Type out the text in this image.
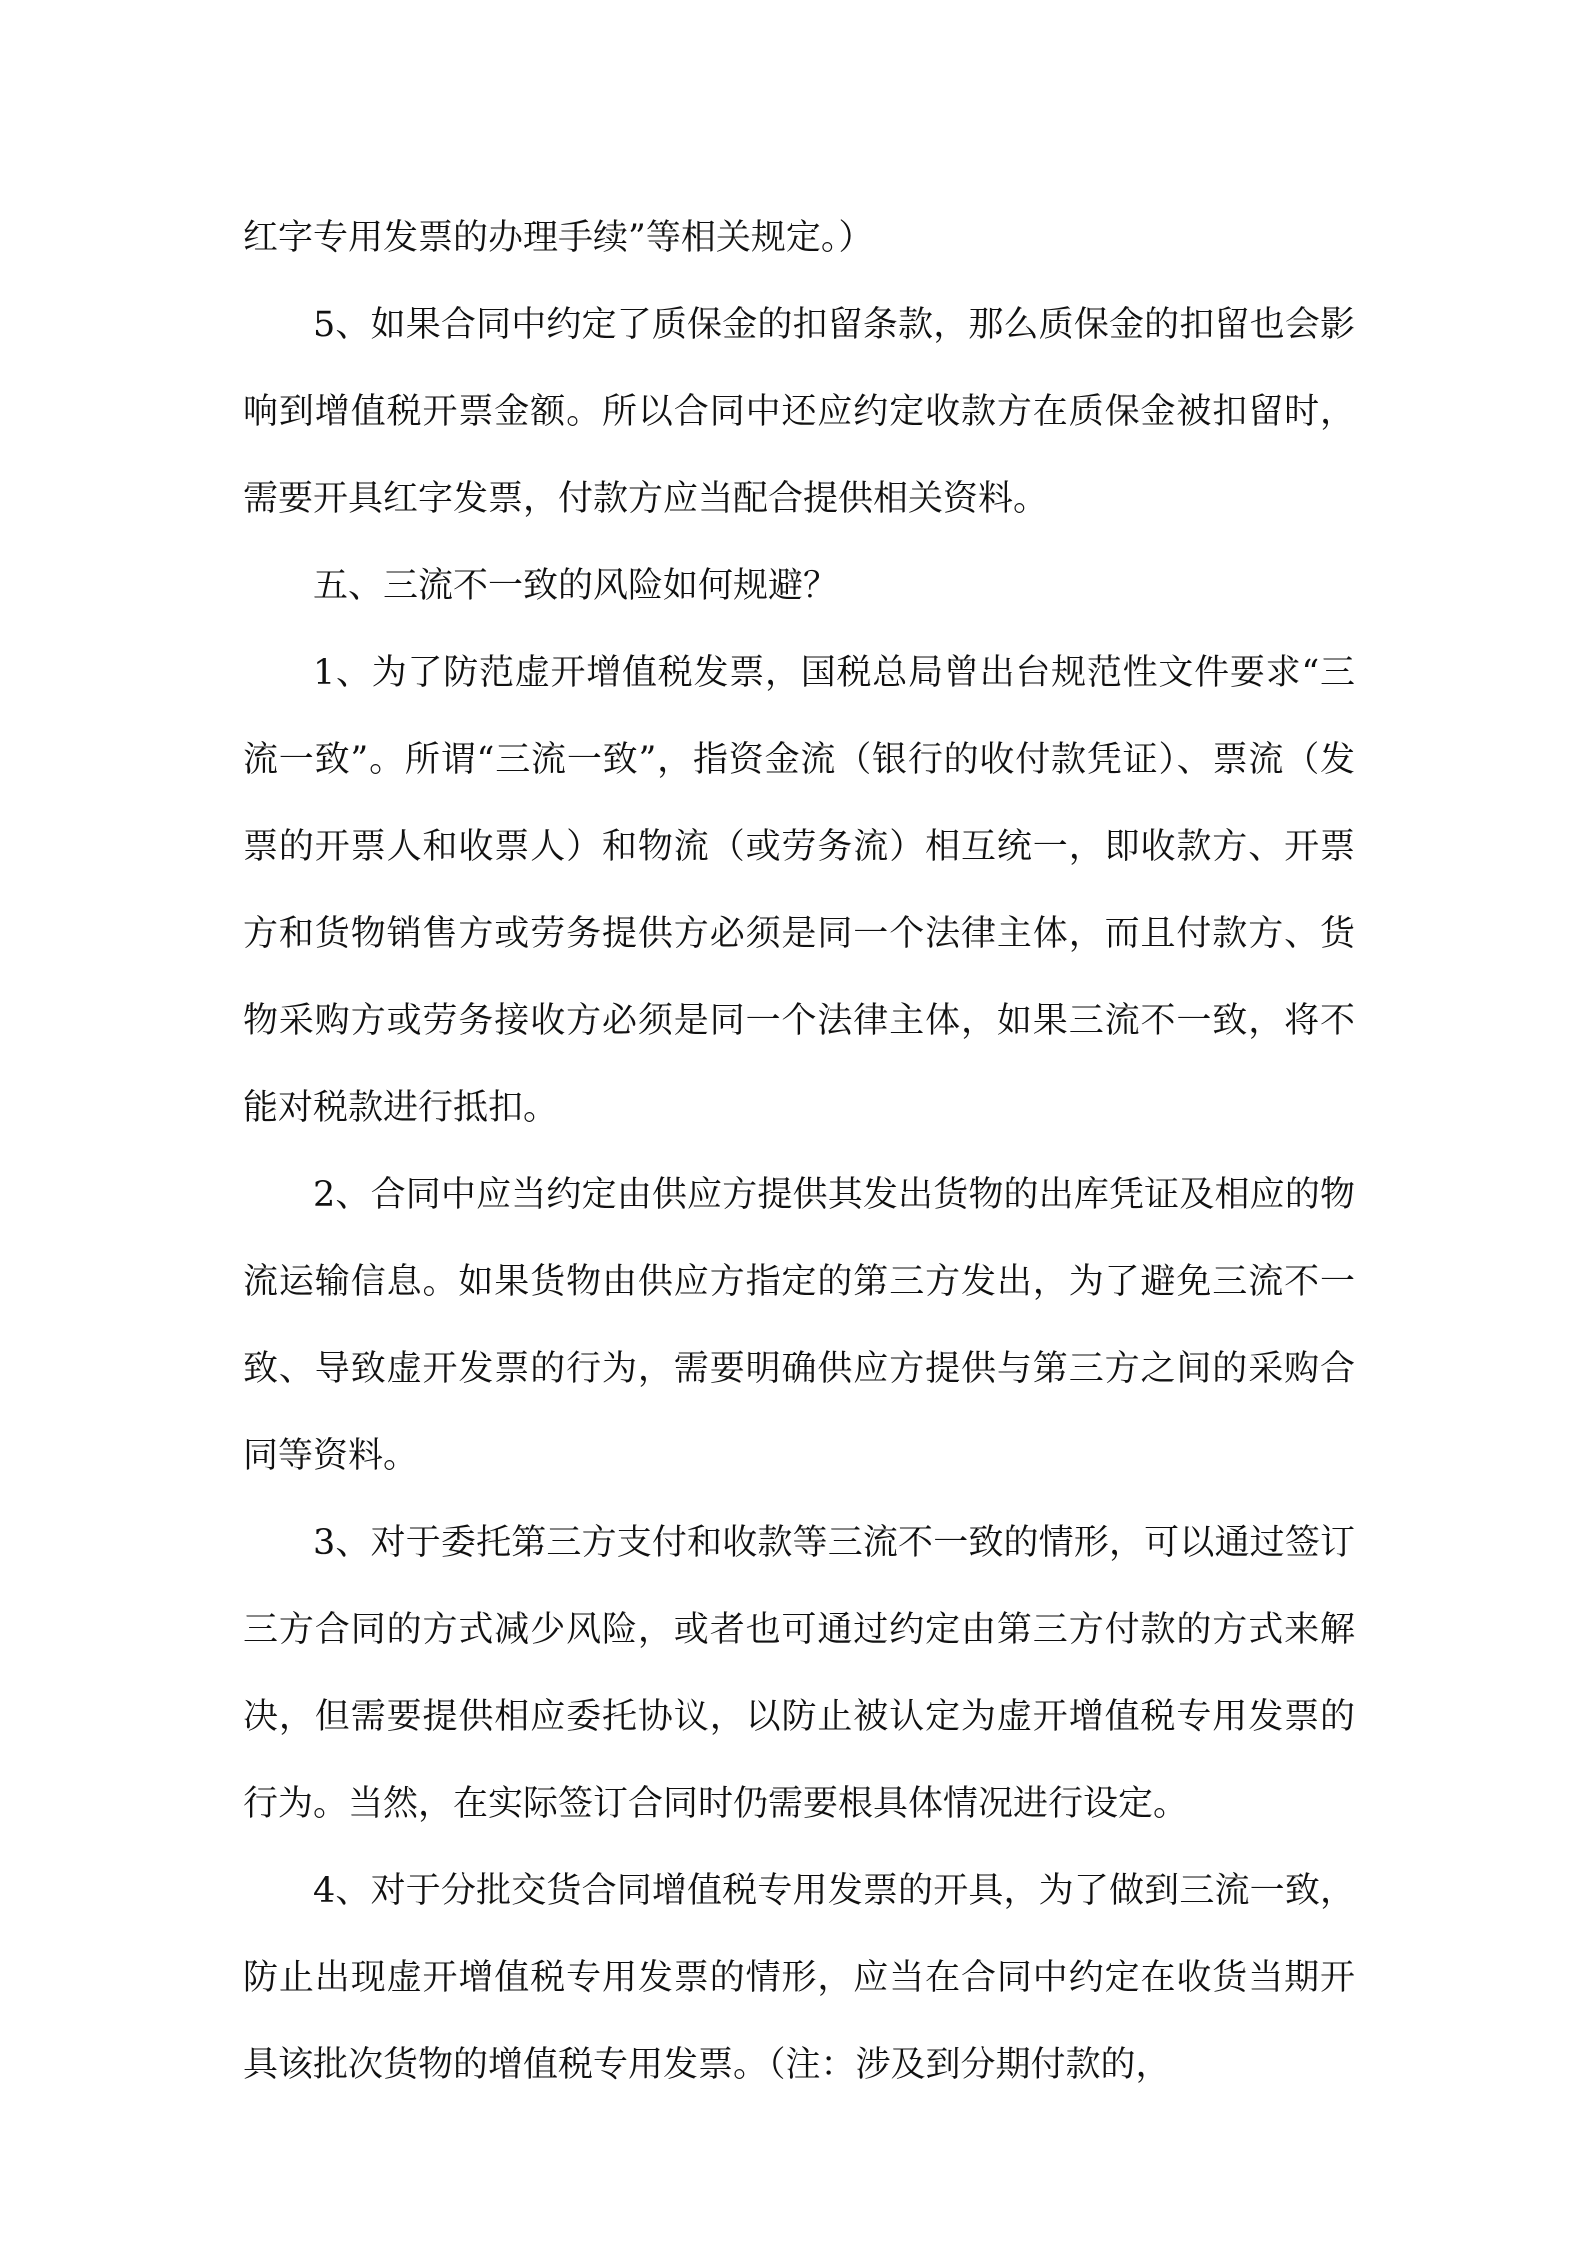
红字专用发票的办理手续”等相关规定。）

5、如果合同中约定了质保金的扣留条款，那么质保金的扣留也会影响到增值税开票金额。所以合同中还应约定收款方在质保金被扣留时，需要开具红字发票，付款方应当配合提供相关资料。

五、三流不一致的风险如何规避？

1、为了防范虚开增值税发票，国税总局曾出台规范性文件要求“三流一致”。所谓“三流一致”，指资金流（银行的收付款凭证）、票流（发票的开票人和收票人）和物流（或劳务流）相互统一，即收款方、开票方和货物销售方或劳务提供方必须是同一个法律主体，而且付款方、货物采购方或劳务接收方必须是同一个法律主体，如果三流不一致，将不能对税款进行抵扣。

2、合同中应当约定由供应方提供其发出货物的出库凭证及相应的物流运输信息。如果货物由供应方指定的第三方发出，为了避免三流不一致、导致虚开发票的行为，需要明确供应方提供与第三方之间的采购合同等资料。

3、对于委托第三方支付和收款等三流不一致的情形，可以通过签订三方合同的方式减少风险，或者也可通过约定由第三方付款的方式来解决，但需要提供相应委托协议，以防止被认定为虚开增值税专用发票的行为。当然，在实际签订合同时仍需要根具体情况进行设定。

4、对于分批交货合同增值税专用发票的开具，为了做到三流一致，防止出现虚开增值税专用发票的情形，应当在合同中约定在收货当期开具该批次货物的增值税专用发票。（注：涉及到分期付款的，
